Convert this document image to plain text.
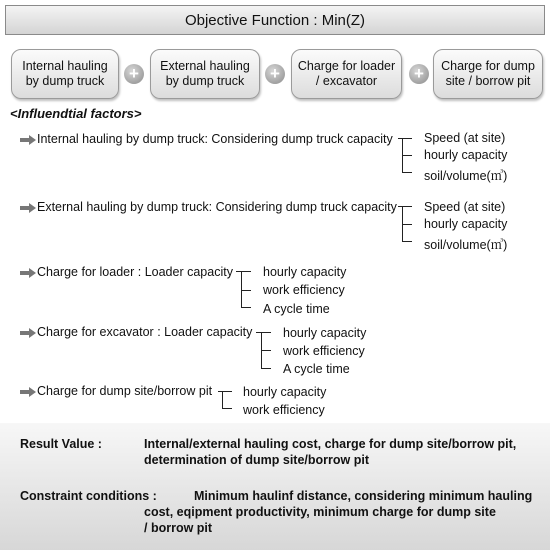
Objective Function : Min(Z)
Internal hauling
by dump truck +	External hauling
by dump truck	+	Charge for loader
/ excavator	+	Charge for dump
site / borrow pit
<Influendtial factors>
Internal hauling by dump truck: Considering dump truck capacity	Speed (at site)
hourly capacity
soil/volume(㎥)
External hauling by dump truck: Considering dump truck capacity Speed (at site)
hourly capacity
soil/volume(㎥)
Charge for loader : Loader capacity hourly capacity
work efficiency
A cycle time
Charge for excavator : Loader capacity hourly capacity
work efficiency
A cycle time
Charge for dump site/borrow pit hourly capacity
work efficiency
Result Value :	Internal/external hauling cost, charge for dump site/borrow pit,
determination of dump site/borrow pit
Constraint conditions :	Minimum haulinf distance, considering minimum hauling
cost, eqipment productivity, minimum charge for dump site
/ borrow pit
